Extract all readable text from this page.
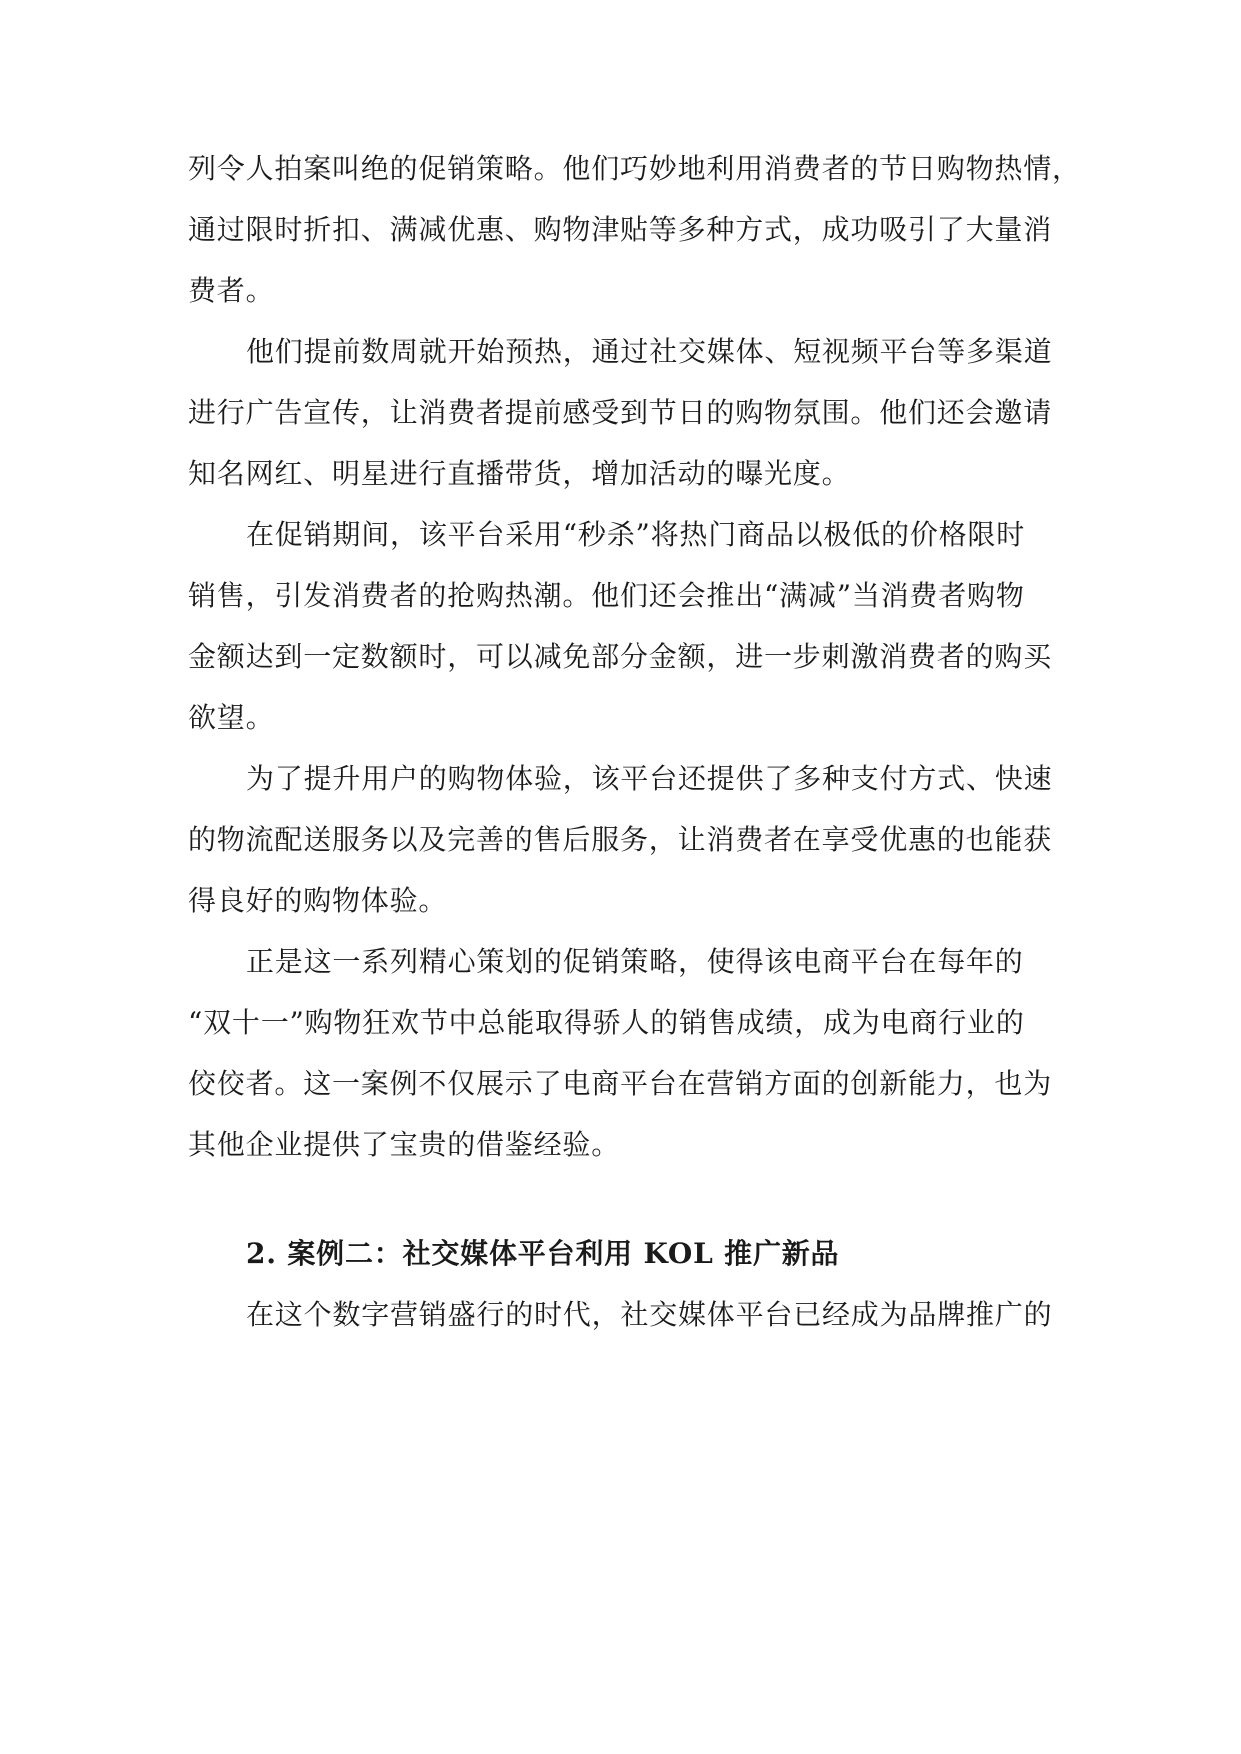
列令人拍案叫绝的促销策略。他们巧妙地利用消费者的节日购物热情，
通过限时折扣、满减优惠、购物津贴等多种方式，成功吸引了大量消
费者。
他们提前数周就开始预热，通过社交媒体、短视频平台等多渠道
进行广告宣传，让消费者提前感受到节日的购物氛围。他们还会邀请
知名网红、明星进行直播带货，增加活动的曝光度。
在促销期间，该平台采用“秒杀”将热门商品以极低的价格限时
销售，引发消费者的抢购热潮。他们还会推出“满减”当消费者购物
金额达到一定数额时，可以减免部分金额，进一步刺激消费者的购买
欲望。
为了提升用户的购物体验，该平台还提供了多种支付方式、快速
的物流配送服务以及完善的售后服务，让消费者在享受优惠的也能获
得良好的购物体验。
正是这一系列精心策划的促销策略，使得该电商平台在每年的
“双十一”购物狂欢节中总能取得骄人的销售成绩，成为电商行业的
佼佼者。这一案例不仅展示了电商平台在营销方面的创新能力，也为
其他企业提供了宝贵的借鉴经验。
2. 案例二：社交媒体平台利用 KOL 推广新品
在这个数字营销盛行的时代，社交媒体平台已经成为品牌推广的
